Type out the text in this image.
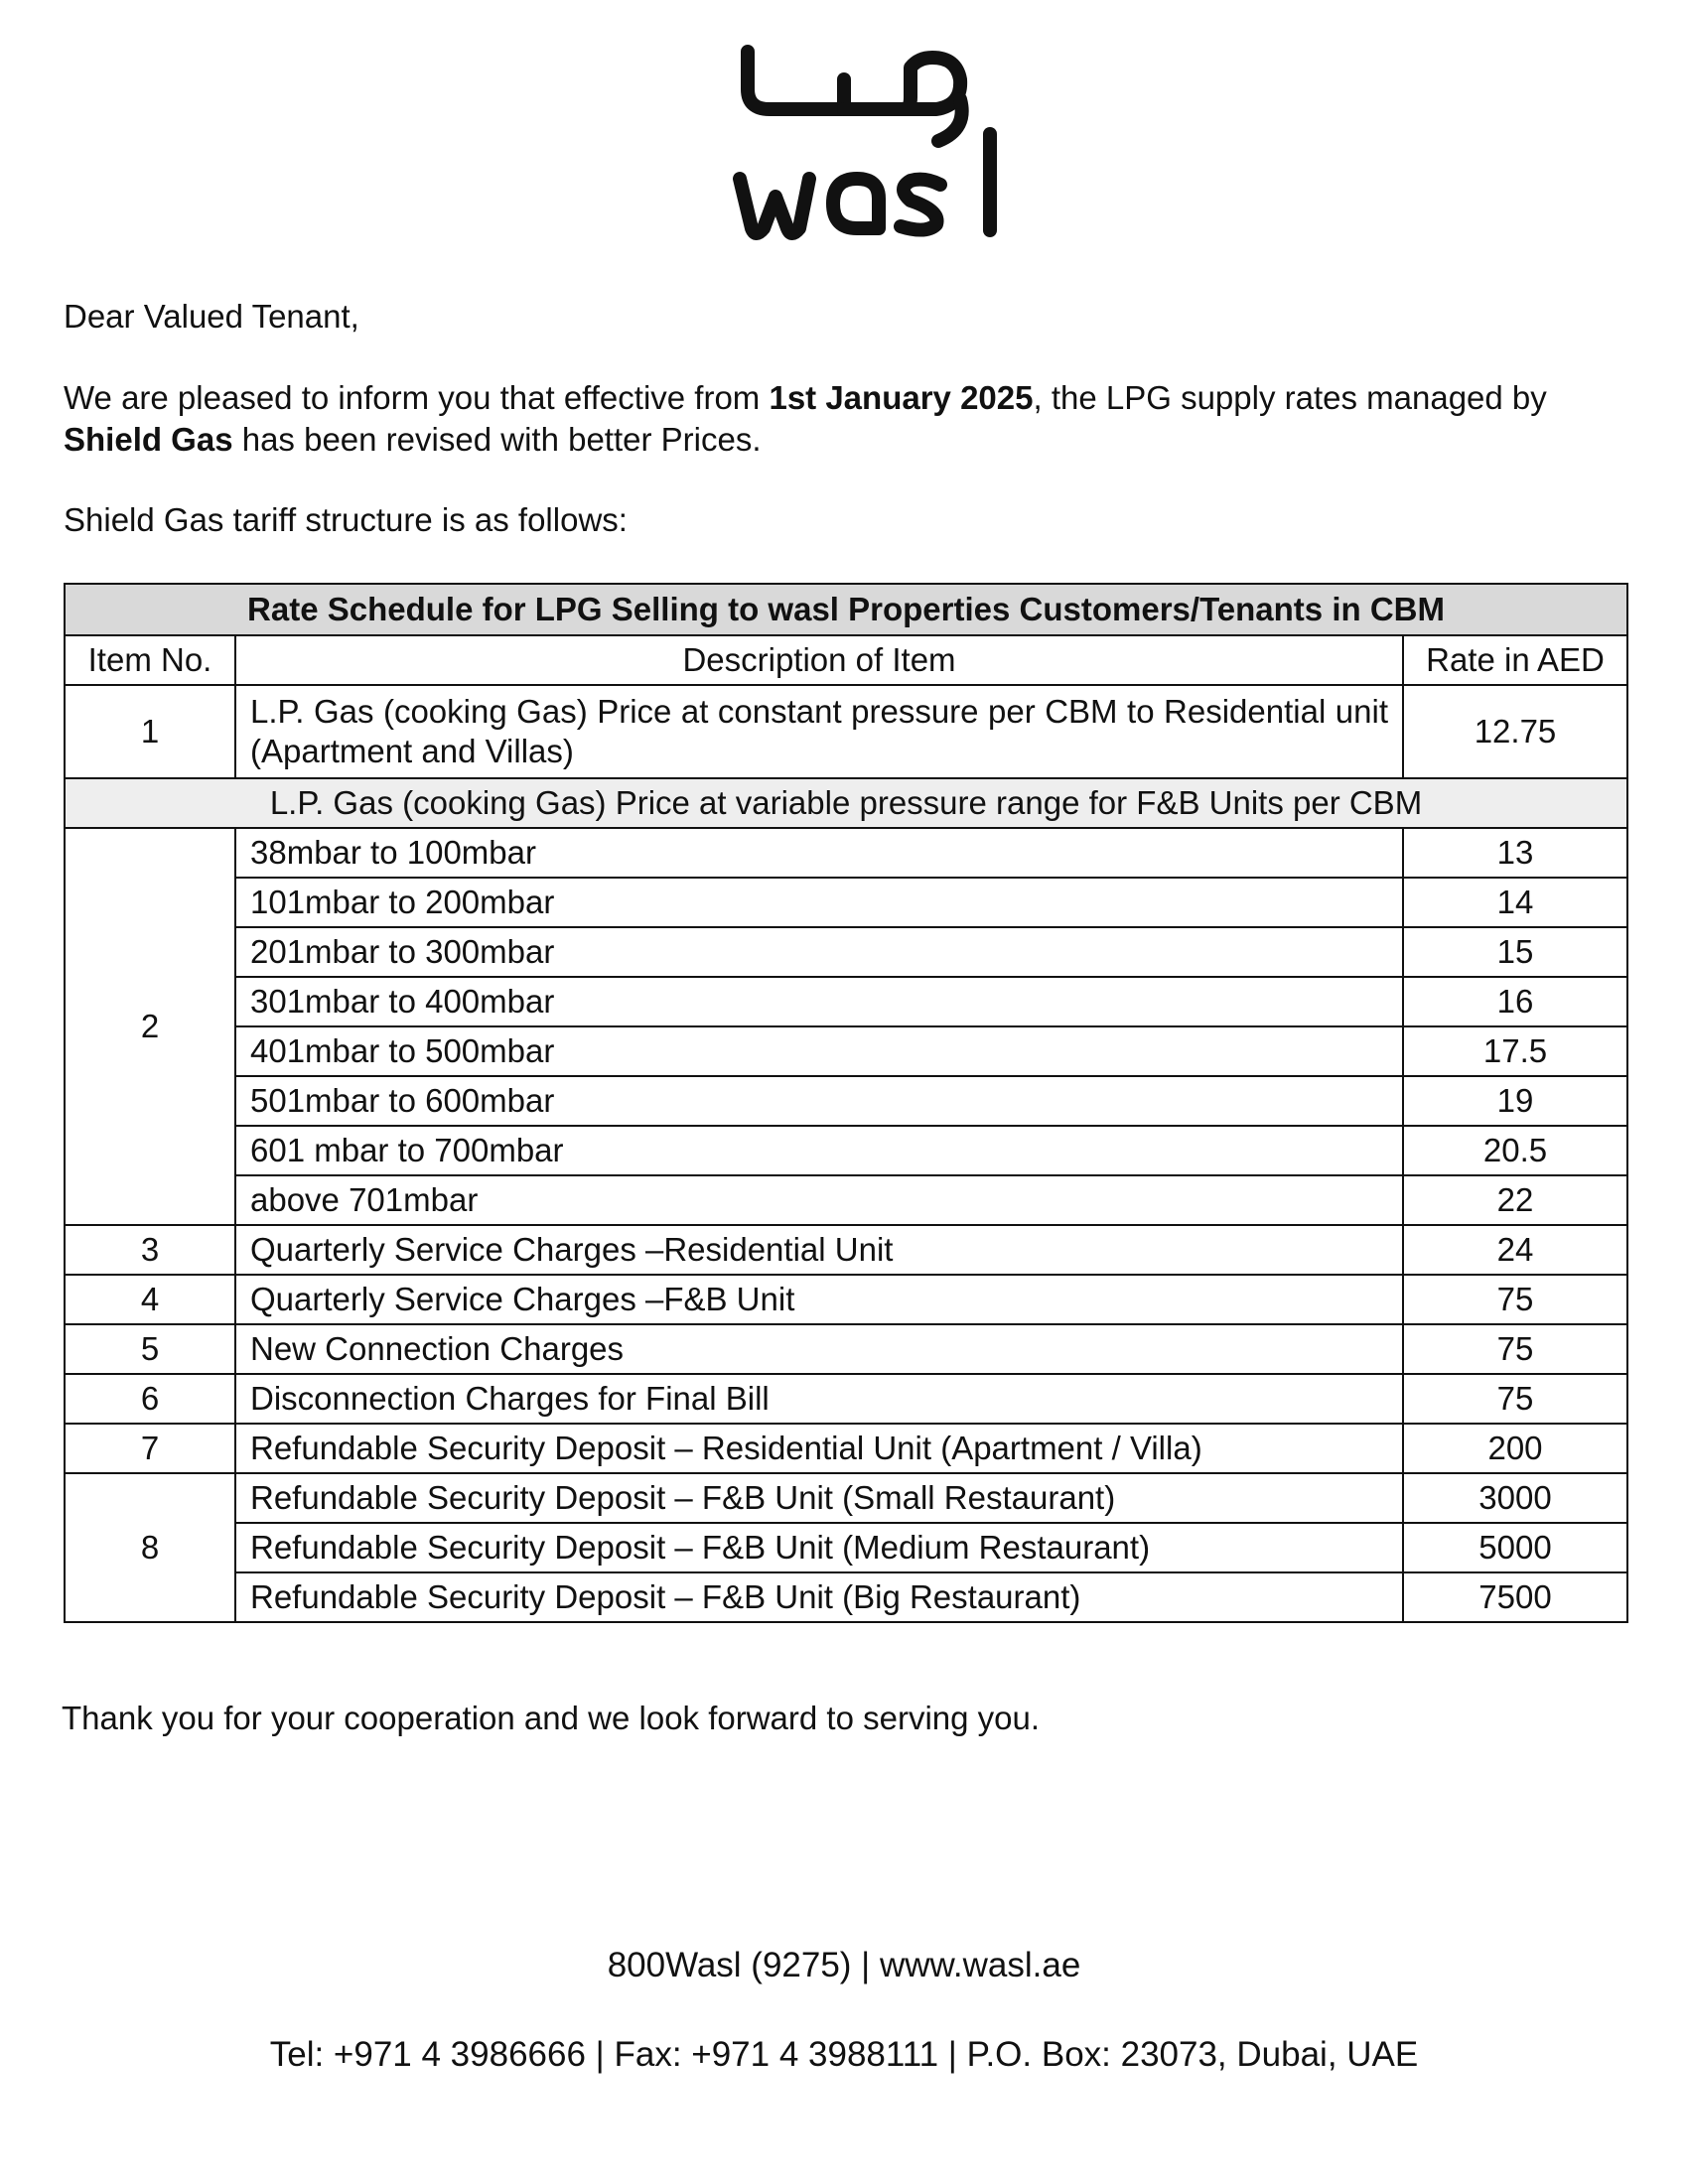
Dear Valued Tenant,

We are pleased to inform you that effective from 1st January 2025, the LPG supply rates managed by Shield Gas has been revised with better Prices.

Shield Gas tariff structure is as follows:

Rate Schedule for LPG Selling to wasl Properties Customers/Tenants in CBM		
Item No.	Description of Item	Rate in AED
1	L.P. Gas (cooking Gas) Price at constant pressure per CBM to Residential unit (Apartment and Villas)	12.75
L.P. Gas (cooking Gas) Price at variable pressure range for F&B Units per CBM		
2	38mbar to 100mbar	13
	101mbar to 200mbar	14
	201mbar to 300mbar	15
	301mbar to 400mbar	16
	401mbar to 500mbar	17.5
	501mbar to 600mbar	19
	601 mbar to 700mbar	20.5
	above 701mbar	22
3	Quarterly Service Charges –Residential Unit	24
4	Quarterly Service Charges –F&B Unit	75
5	New Connection Charges	75
6	Disconnection Charges for Final Bill	75
7	Refundable Security Deposit – Residential Unit (Apartment / Villa)	200
8	Refundable Security Deposit – F&B Unit (Small Restaurant)	3000
	Refundable Security Deposit – F&B Unit (Medium Restaurant)	5000
	Refundable Security Deposit – F&B Unit (Big Restaurant)	7500

Thank you for your cooperation and we look forward to serving you.

800Wasl (9275) | www.wasl.ae
Tel: +971 4 3986666 | Fax: +971 4 3988111 | P.O. Box: 23073, Dubai, UAE
